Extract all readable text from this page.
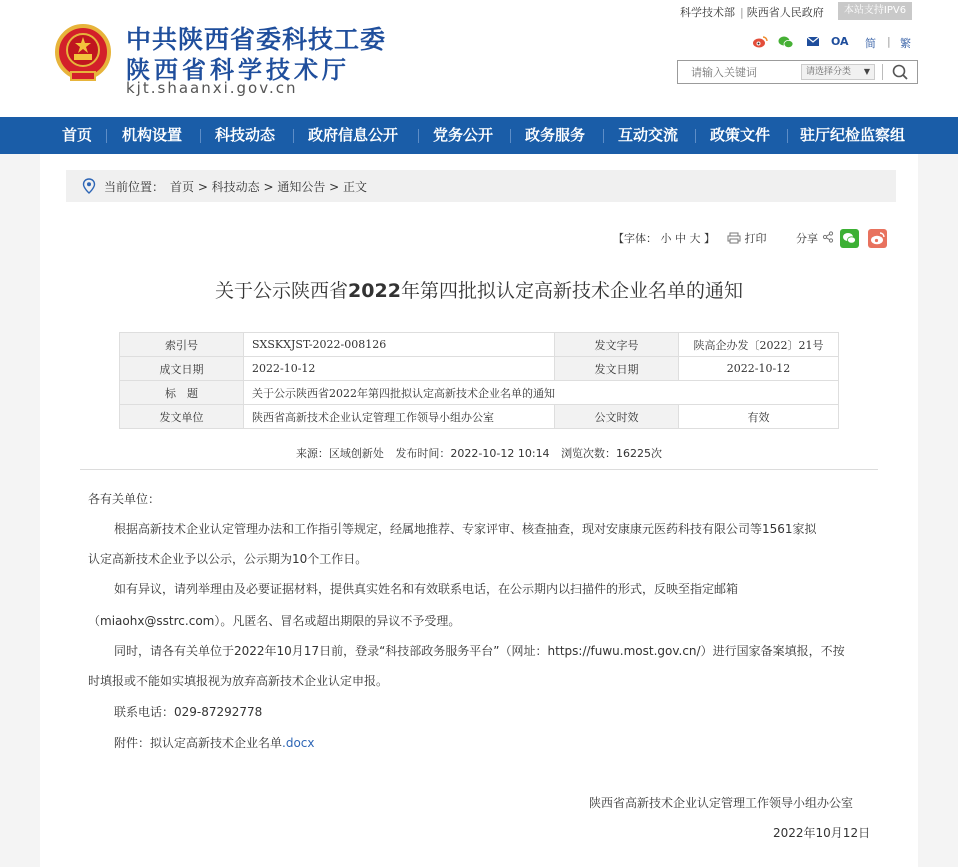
中共陕西省委科技工委
陕西省科学技术厅
kjt.shaanxi.gov.cn
科学技术部 | 陕西省人民政府	本站支持IPV6
OA 简 | 繁
请输入关键词
请选择分类 ▼
首页 机构设置 科技动态 政府信息公开 党务公开 政务服务 互动交流 政策文件 驻厅纪检监察组
当前位置： 首页 > 科技动态 > 通知公告 > 正文
【字体： 小 中 大 】	打印	分享
关于公示陕西省2022年第四批拟认定高新技术企业名单的通知
索引号	SXSKXJST-2022-008126	发文字号	陕高企办发〔2022〕21号
成文日期	2022-10-12	发文日期	2022-10-12
标　题	关于公示陕西省2022年第四批拟认定高新技术企业名单的通知		
发文单位	陕西省高新技术企业认定管理工作领导小组办公室	公文时效	有效
来源：区域创新处 发布时间：2022-10-12 10:14 浏览次数：16225次
各有关单位：
根据高新技术企业认定管理办法和工作指引等规定，经属地推荐、专家评审、核查抽查，现对安康康元医药科技有限公司等1561家拟
认定高新技术企业予以公示，公示期为10个工作日。
如有异议，请列举理由及必要证据材料，提供真实姓名和有效联系电话，在公示期内以扫描件的形式，反映至指定邮箱
（miaohx@sstrc.com）。凡匿名、冒名或超出期限的异议不予受理。
同时，请各有关单位于2022年10月17日前，登录“科技部政务服务平台”（网址：https://fuwu.most.gov.cn/）进行国家备案填报，不按
时填报或不能如实填报视为放弃高新技术企业认定申报。
联系电话：029-87292778
附件：拟认定高新技术企业名单.docx
陕西省高新技术企业认定管理工作领导小组办公室
2022年10月12日
